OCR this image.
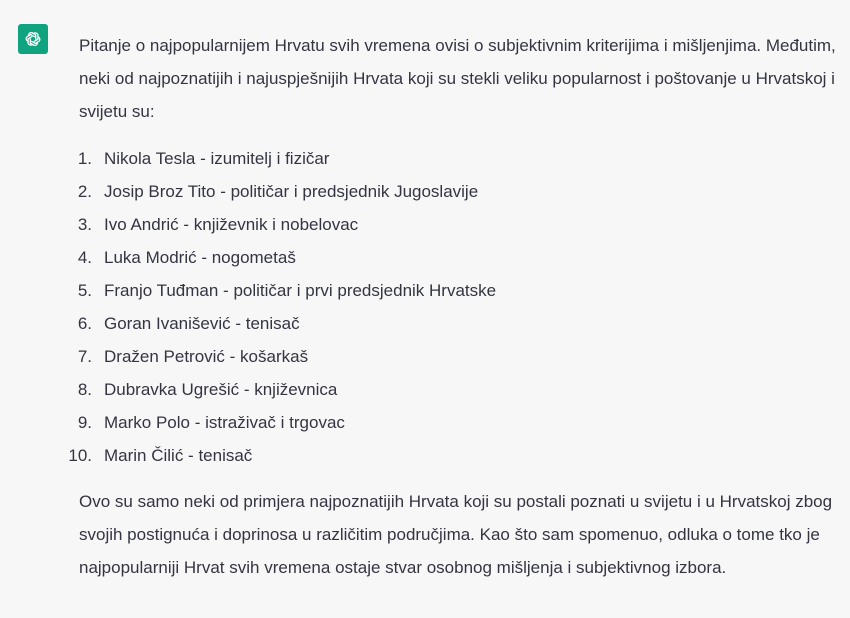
Pitanje o najpopularnijem Hrvatu svih vremena ovisi o subjektivnim kriterijima i mišljenjima. Međutim, neki od najpoznatijih i najuspješnijih Hrvata koji su stekli veliku popularnost i poštovanje u Hrvatskoj i svijetu su:

1. Nikola Tesla - izumitelj i fizičar
2. Josip Broz Tito - političar i predsjednik Jugoslavije
3. Ivo Andrić - književnik i nobelovac
4. Luka Modrić - nogometaš
5. Franjo Tuđman - političar i prvi predsjednik Hrvatske
6. Goran Ivanišević - tenisač
7. Dražen Petrović - košarkaš
8. Dubravka Ugrešić - književnica
9. Marko Polo - istraživač i trgovac
10. Marin Čilić - tenisač

Ovo su samo neki od primjera najpoznatijih Hrvata koji su postali poznati u svijetu i u Hrvatskoj zbog svojih postignuća i doprinosa u različitim područjima. Kao što sam spomenuo, odluka o tome tko je najpopularniji Hrvat svih vremena ostaje stvar osobnog mišljenja i subjektivnog izbora.
